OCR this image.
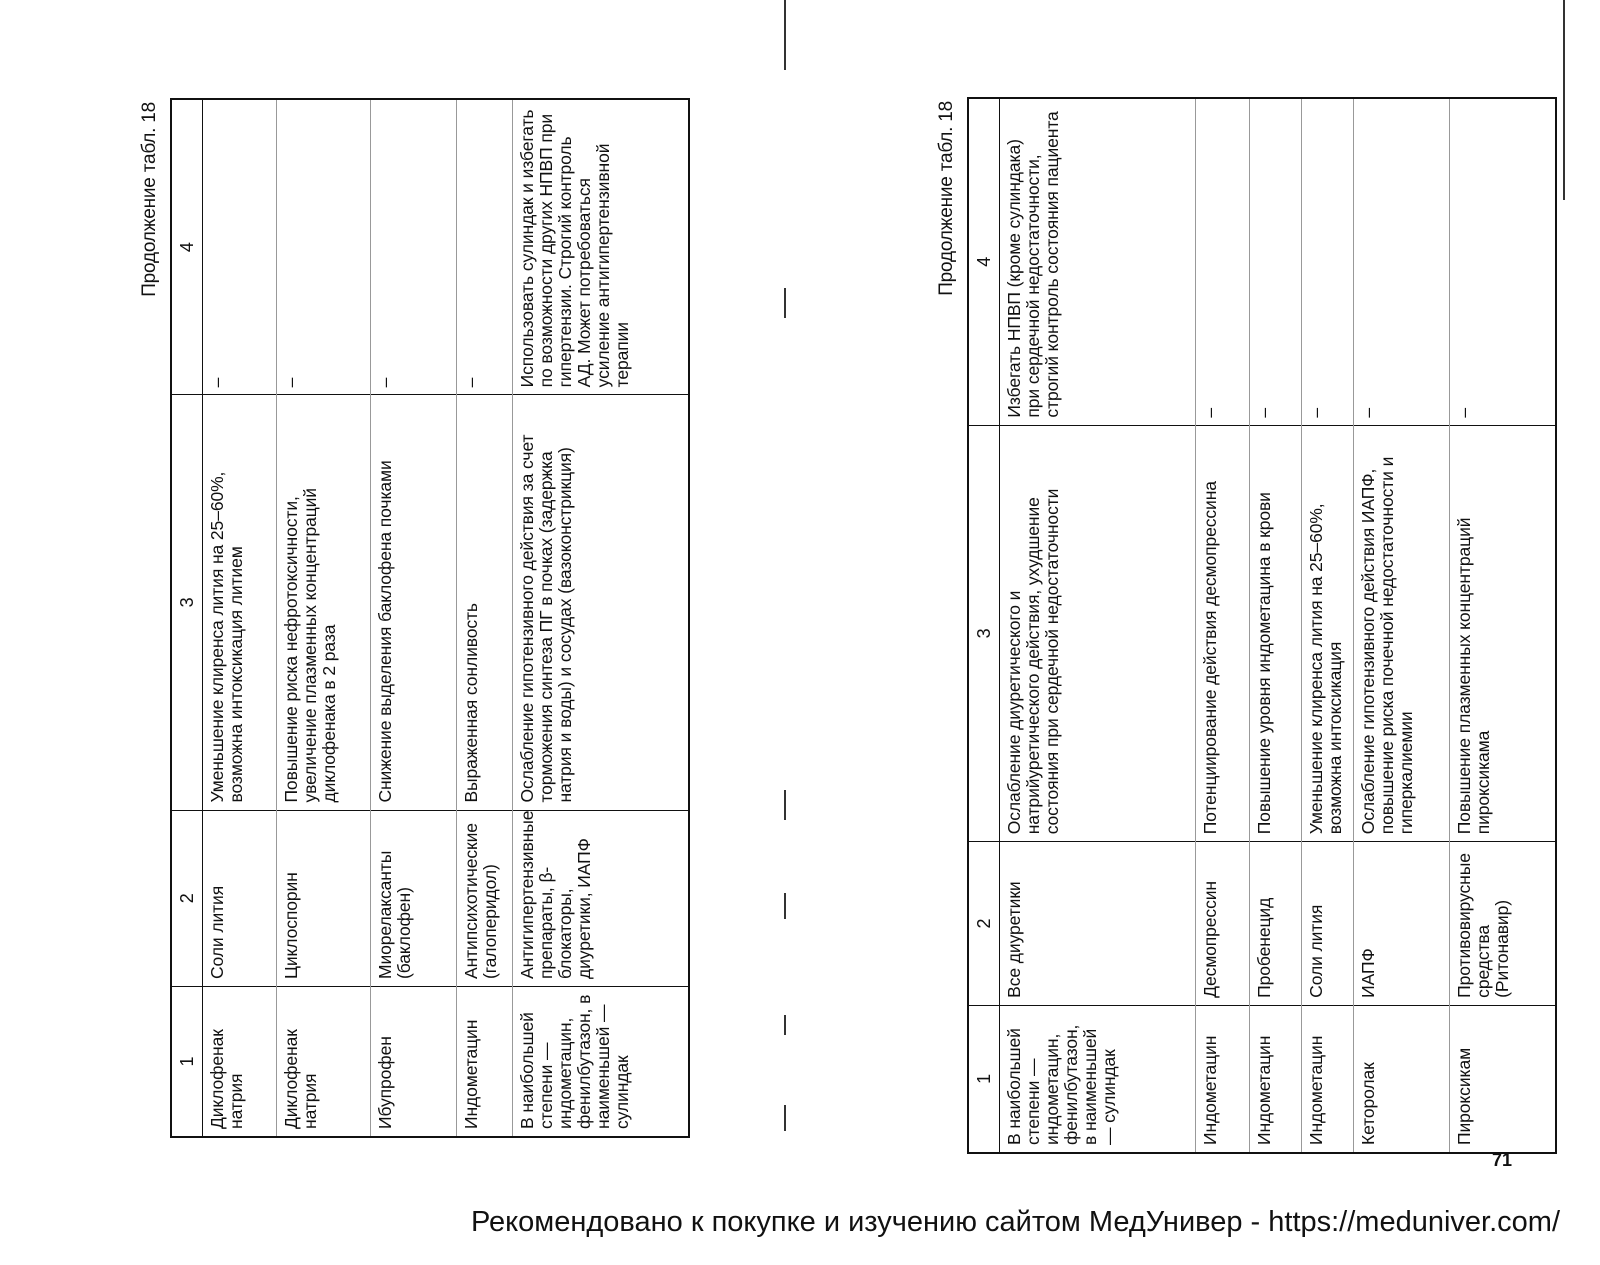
Продолжение табл. 18
1	2	3	4
Диклофенак натрия	Соли лития	Уменьшение клиренса лития на 25–60%, возможна интоксикация литием	–
Диклофенак натрия	Циклоспорин	Повышение риска нефротоксичности, увеличение плазменных концентраций диклофенака в 2 раза	–
Ибупрофен	Миорелаксанты (баклофен)	Снижение выделения баклофена почками	–
Индометацин	Антипсихотические (галоперидол)	Выраженная сонливость	–
В наибольшей степени — индометацин, фенилбутазон, в наименьшей — сулиндак	Антигипертензивные препараты, β-блокаторы, диуретики, ИАПФ	Ослабление гипотензивного действия за счет торможения синтеза ПГ в почках (задержка натрия и воды) и сосудах (вазоконстрикция)	Использовать сулиндак и избегать по возможности других НПВП при гипертензии. Строгий контроль АД. Может потребоваться усиление антигипертензивной терапии
Продолжение табл. 18
1	2	3	4
В наибольшей степени — индометацин, фенилбутазон, в наименьшей — сулиндак	Все диуретики	Ослабление диуретического и натрийуретического действия, ухудшение состояния при сердечной недостаточности	Избегать НПВП (кроме сулиндака) при сердечной недостаточности, строгий контроль состояния пациента
Индометацин	Десмопрессин	Потенциирование действия десмопрессина	–
Индометацин	Пробенецид	Повышение уровня индометацина в крови	–
Индометацин	Соли лития	Уменьшение клиренса лития на 25–60%, возможна интоксикация	–
Кеторолак	ИАПФ	Ослабление гипотензивного действия ИАПФ, повышение риска почечной недостаточности и гиперкалиемии	–
Пироксикам	Противовирусные средства (Ритонавир)	Повышение плазменных концентраций пироксикама	–
71
Рекомендовано к покупке и изучению сайтом МедУнивер - https://meduniver.com/
